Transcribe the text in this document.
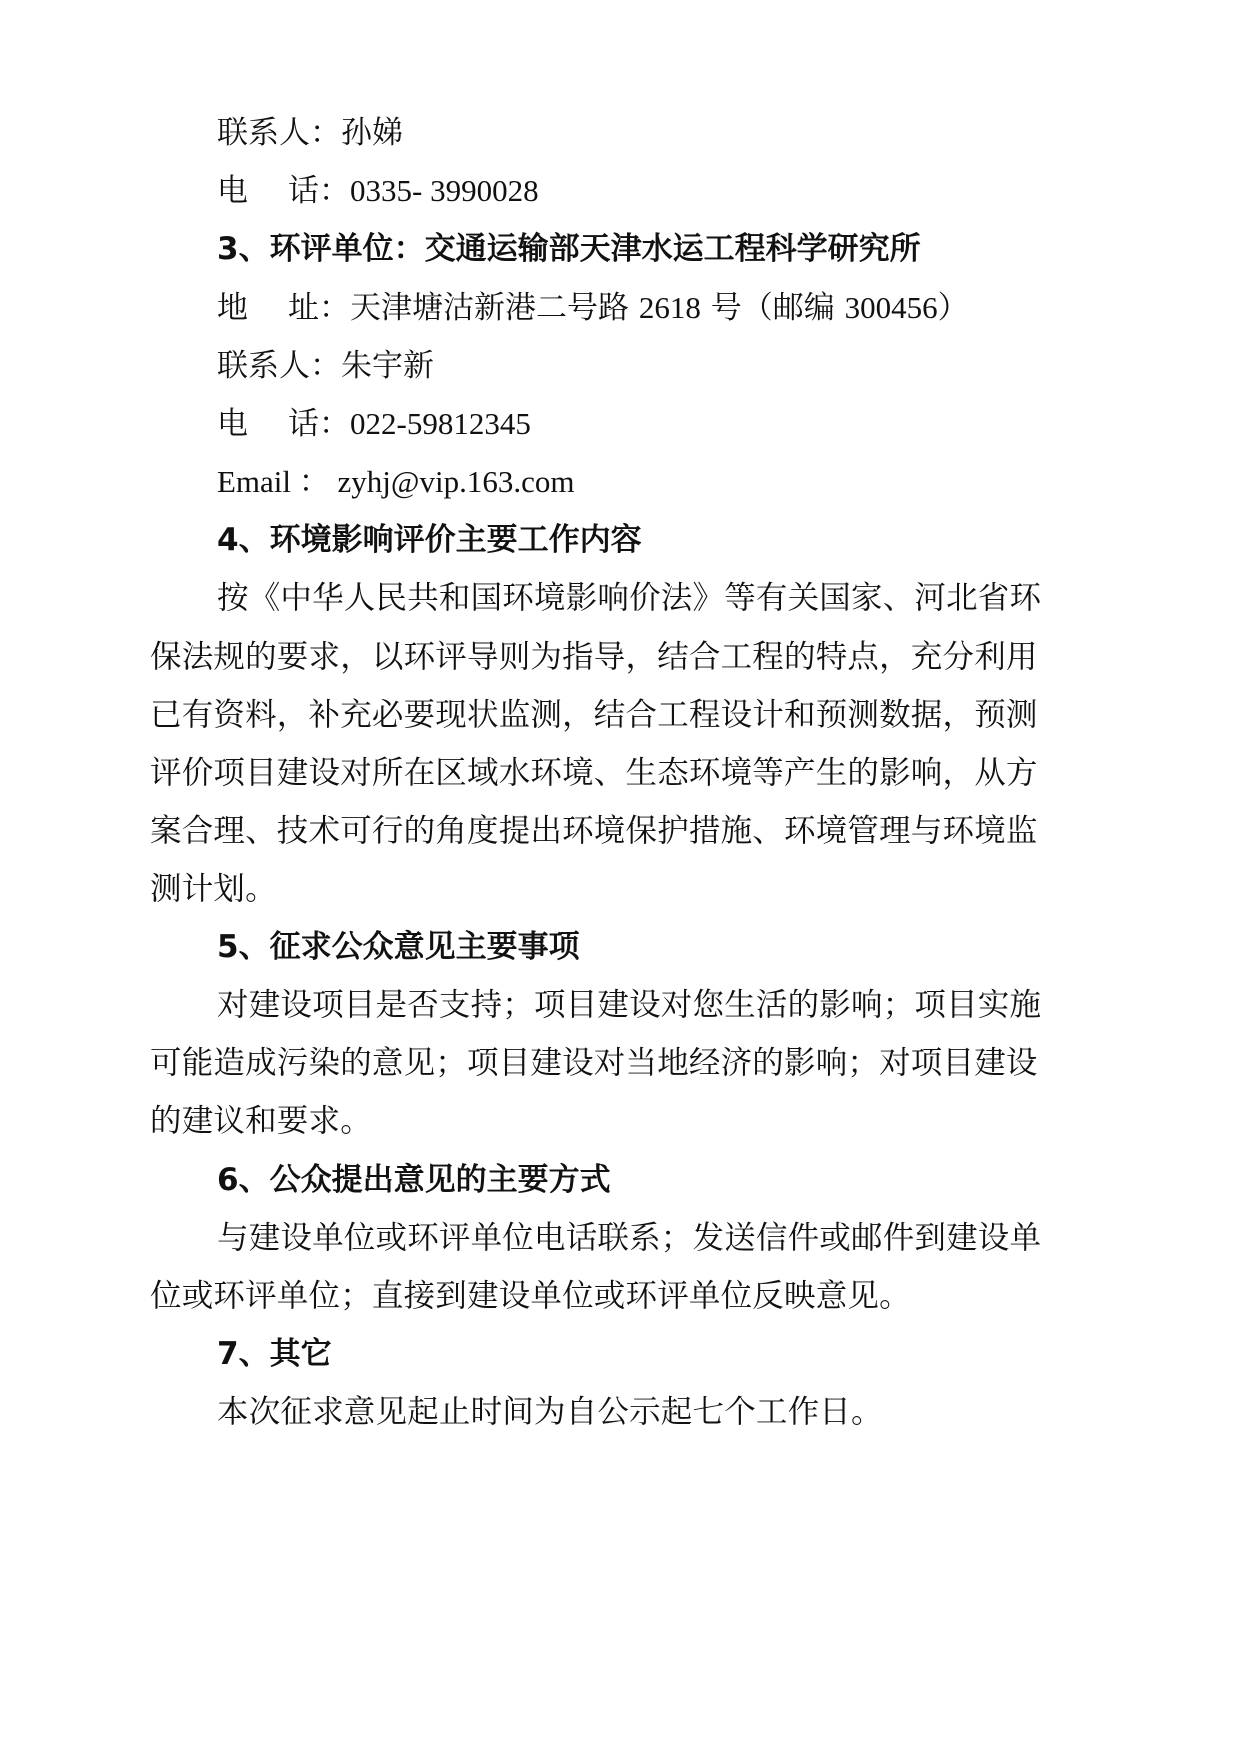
联系人：孙娣
电 话：0335- 3990028
3、环评单位：交通运输部天津水运工程科学研究所
地 址：天津塘沽新港二号路 2618 号（邮编 300456）
联系人：朱宇新
电 话：022-59812345
Email ： zyhj@vip.163.com
4、环境影响评价主要工作内容
按《中华人民共和国环境影响价法》等有关国家、河北省环
保法规的要求，以环评导则为指导，结合工程的特点，充分利用
已有资料，补充必要现状监测，结合工程设计和预测数据，预测
评价项目建设对所在区域水环境、生态环境等产生的影响，从方
案合理、技术可行的角度提出环境保护措施、环境管理与环境监
测计划。
5、征求公众意见主要事项
对建设项目是否支持；项目建设对您生活的影响；项目实施
可能造成污染的意见；项目建设对当地经济的影响；对项目建设
的建议和要求。
6、公众提出意见的主要方式
与建设单位或环评单位电话联系；发送信件或邮件到建设单
位或环评单位；直接到建设单位或环评单位反映意见。
7、其它
本次征求意见起止时间为自公示起七个工作日。
